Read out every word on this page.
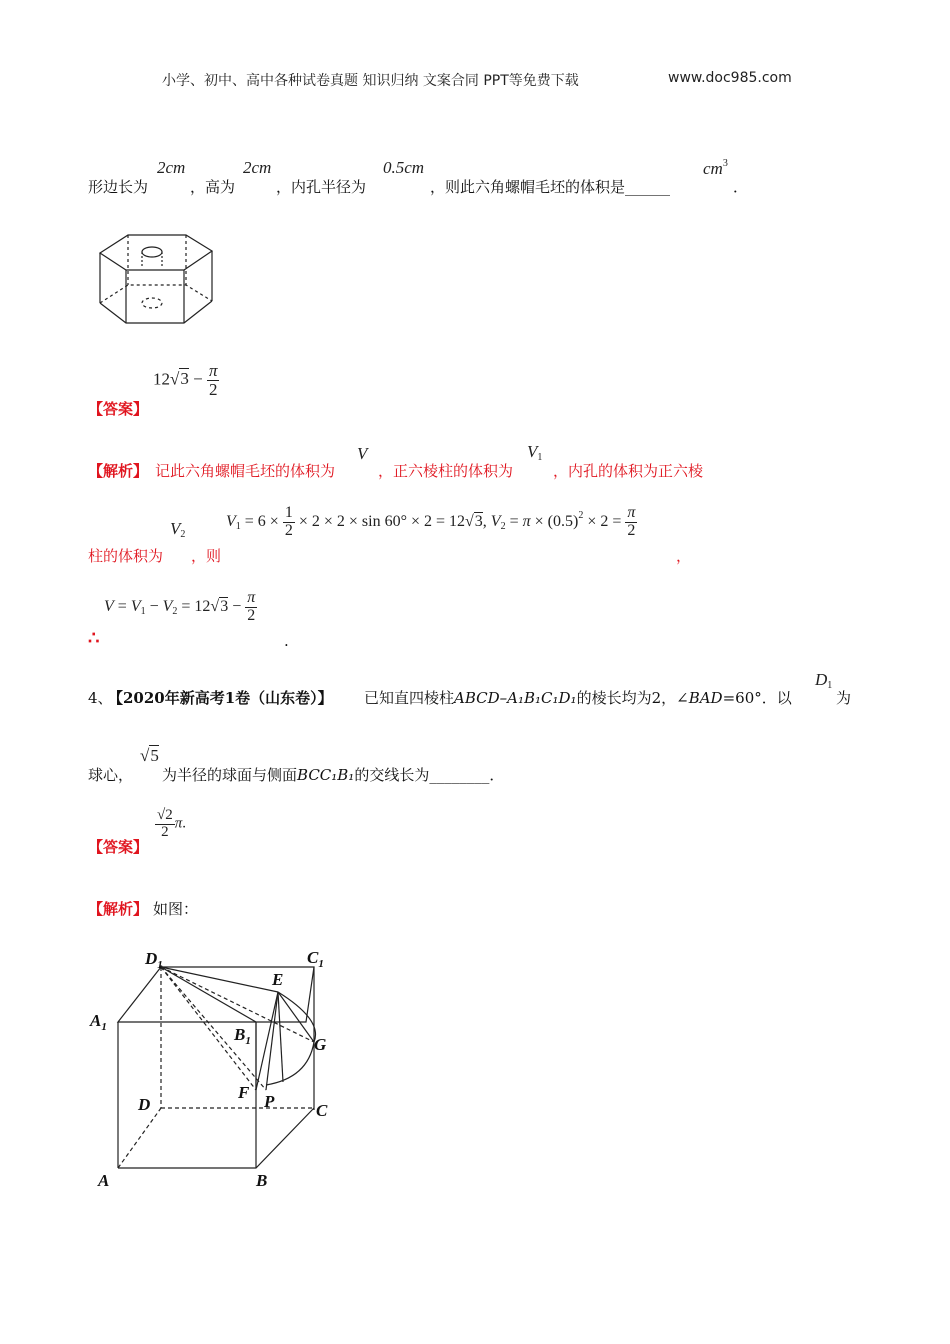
小学、初中、高中各种试卷真题 知识归纳 文案合同 PPT等免费下载	www.doc985.com
形边长为
2cm
，高为
2cm
，内孔半径为
0.5cm
，则此六角螺帽毛坯的体积是______
$cm^3$
．
$12√3 - \frac{\pi}{2}$
【答案】
【解析】 记此六角螺帽毛坯的体积为
V
，正六棱柱的体积为
$V_1$
，内孔的体积为正六棱
柱的体积为
$V_2$
，则
$V_1 = 6 \times \frac{1}{2} \times 2 \times 2 \times \sin 60^\circ \times 2 = 12√3$, $V_2 = \pi \times (0.5)^2 \times 2 = \frac{\pi}{2}$
，
$V = V_1 - V_2 = 12√3 - \frac{\pi}{2}$
∴	.
4、
【2020年新高考1卷（山东卷）】 已知直四棱柱ABCD–A₁B₁C₁D₁的棱长均为2，∠BAD=60°．以
$D_1$
为
球心，
√5
为半径的球面与侧面BCC₁B₁的交线长为________．
【答案】
$\frac{√2}{2} \pi$.
【解析】 如图：
$D_1$	$C_1$
E
$A_1$	$B_1$	G
F P
D	C
A	B
